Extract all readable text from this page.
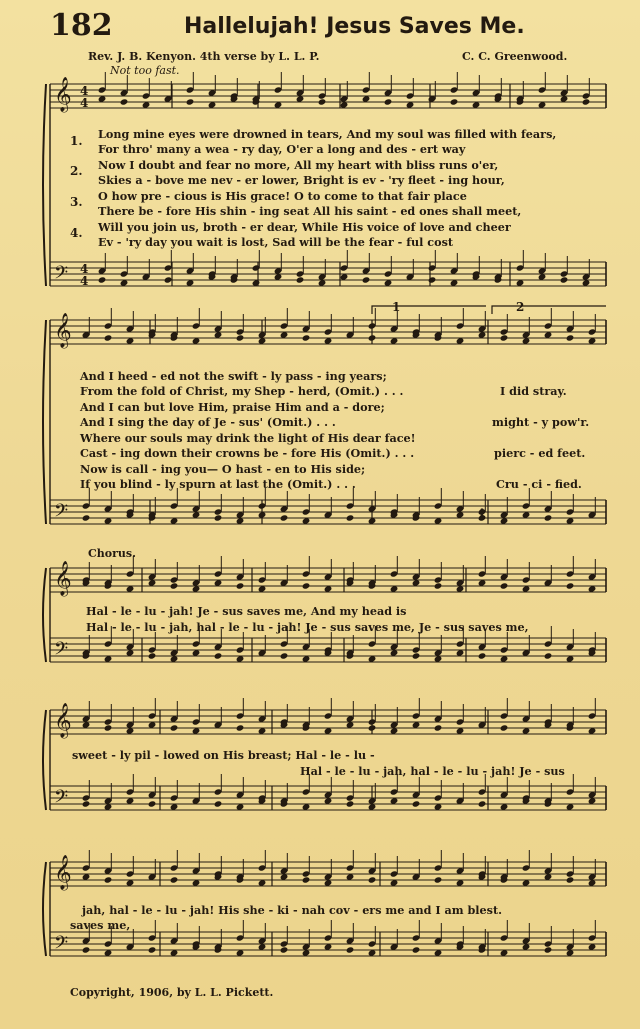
𝄞
𝄢
4
4
4
4
𝄞
𝄢
𝄞
𝄢
𝄞
𝄢
𝄞
𝄢
182	Hallelujah! Jesus Saves Me.
Rev. J. B. Kenyon. 4th verse by L. L. P.	C. C. Greenwood.
Not too fast.
1.
2.
3.
4.
Long mine eyes were drowned in tears, And my soul was filled with fears,
For thro' many a wea - ry day, O'er a long and des - ert way
Now I doubt and fear no more, All my heart with bliss runs o'er,
Skies a - bove me nev - er lower, Bright is ev - 'ry fleet - ing hour,
O how pre - cious is His grace! O to come to that fair place
There be - fore His shin - ing seat All his saint - ed ones shall meet,
Will you join us, broth - er dear, While His voice of love and cheer
Ev - 'ry day you wait is lost, Sad will be the fear - ful cost
1	2
And I heed - ed not the swift - ly pass - ing years;
From the fold of Christ, my Shep - herd, (Omit.) . . .
And I can but love Him, praise Him and a - dore;
And I sing the day of Je - sus' (Omit.) . . .
Where our souls may drink the light of His dear face!
Cast - ing down their crowns be - fore His (Omit.) . . .
Now is call - ing you— O hast - en to His side;
If you blind - ly spurn at last the (Omit.) . . .
I did stray.
might - y pow'r.
pierc - ed feet.
Cru - ci - fied.
Chorus.
Hal - le - lu - jah! Je - sus saves me, And my head is
Hal - le - lu - jah, hal - le - lu - jah! Je - sus saves me, Je - sus saves me,
sweet - ly pil - lowed on His breast; Hal - le - lu -
Hal - le - lu - jah, hal - le - lu - jah! Je - sus
jah, hal - le - lu - jah! His she - ki - nah cov - ers me and I am blest.
saves me,
Copyright, 1906, by L. L. Pickett.
